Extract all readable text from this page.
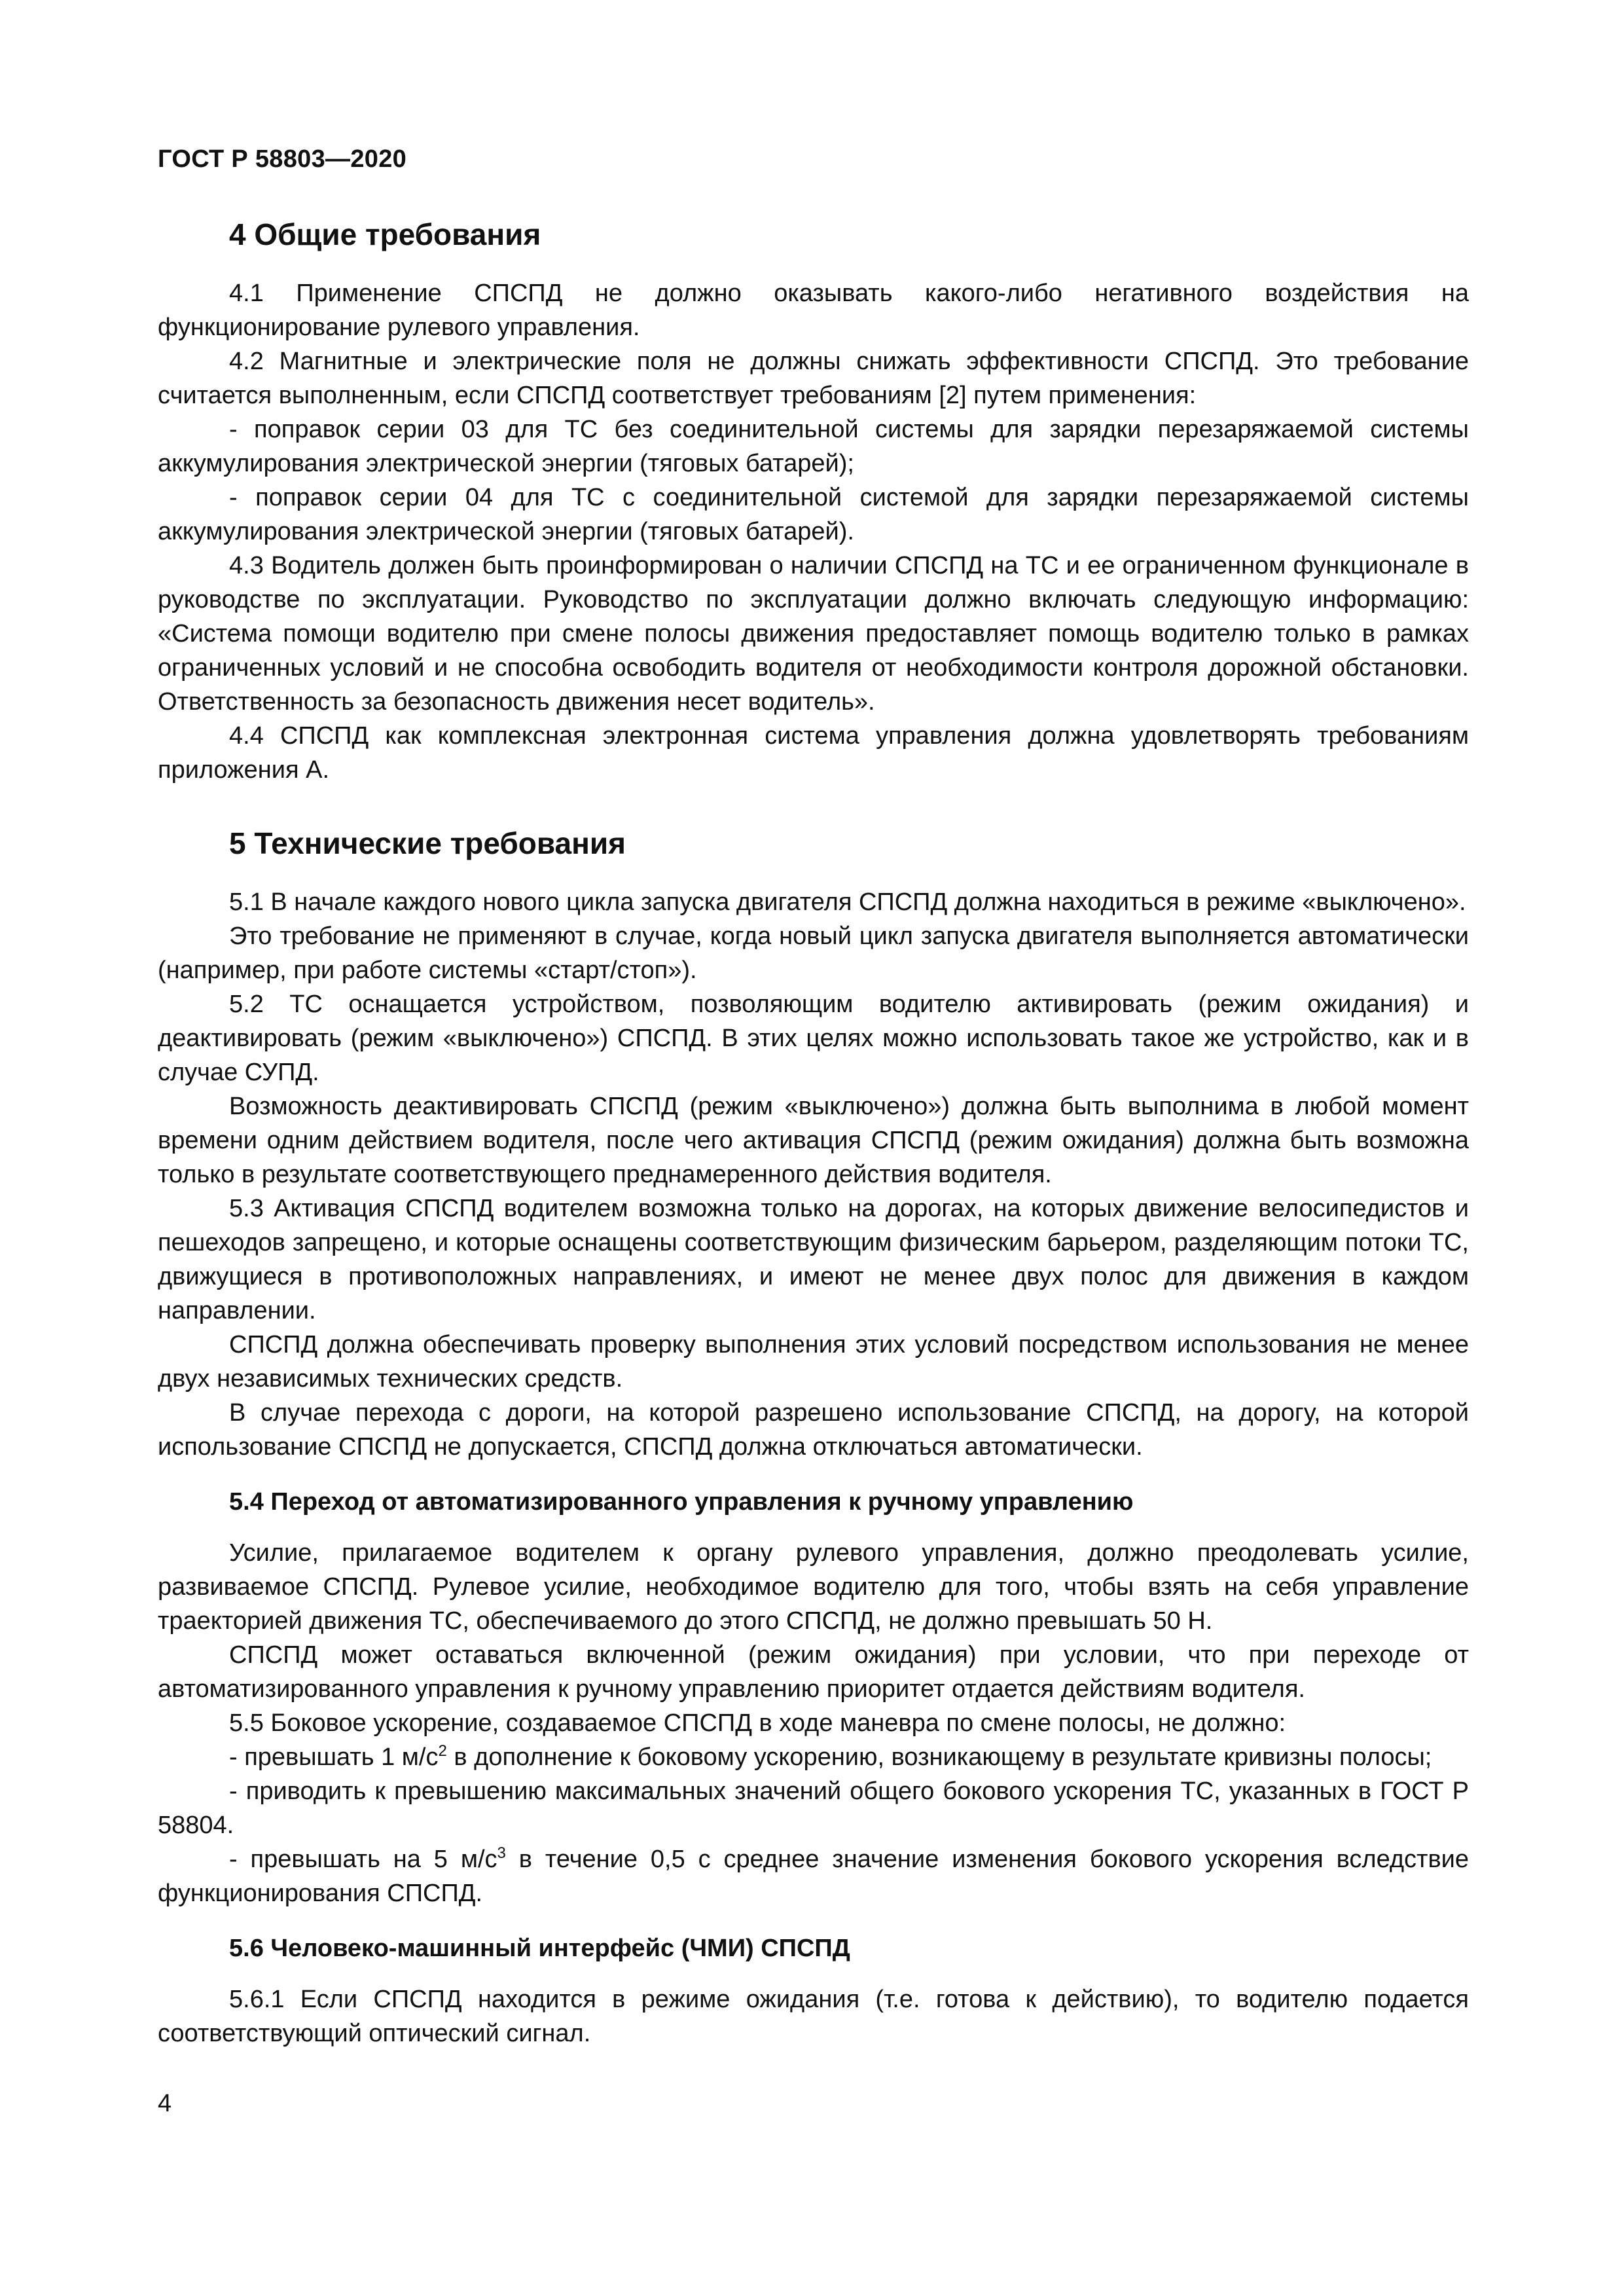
ГОСТ Р 58803—2020
4 Общие требования

4.1 Применение СПСПД не должно оказывать какого-либо негативного воздействия на функционирование рулевого управления.

4.2 Магнитные и электрические поля не должны снижать эффективности СПСПД. Это требование считается выполненным, если СПСПД соответствует требованиям [2] путем применения:

- поправок серии 03 для ТС без соединительной системы для зарядки перезаряжаемой системы аккумулирования электрической энергии (тяговых батарей);

- поправок серии 04 для ТС с соединительной системой для зарядки перезаряжаемой системы аккумулирования электрической энергии (тяговых батарей).

4.3 Водитель должен быть проинформирован о наличии СПСПД на ТС и ее ограниченном функционале в руководстве по эксплуатации. Руководство по эксплуатации должно включать следующую информацию: «Система помощи водителю при смене полосы движения предоставляет помощь водителю только в рамках ограниченных условий и не способна освободить водителя от необходимости контроля дорожной обстановки. Ответственность за безопасность движения несет водитель».

4.4 СПСПД как комплексная электронная система управления должна удовлетворять требованиям приложения А.

5 Технические требования

5.1 В начале каждого нового цикла запуска двигателя СПСПД должна находиться в режиме «выключено».

Это требование не применяют в случае, когда новый цикл запуска двигателя выполняется автоматически (например, при работе системы «старт/стоп»).

5.2 ТС оснащается устройством, позволяющим водителю активировать (режим ожидания) и деактивировать (режим «выключено») СПСПД. В этих целях можно использовать такое же устройство, как и в случае СУПД.

Возможность деактивировать СПСПД (режим «выключено») должна быть выполнима в любой момент времени одним действием водителя, после чего активация СПСПД (режим ожидания) должна быть возможна только в результате соответствующего преднамеренного действия водителя.

5.3 Активация СПСПД водителем возможна только на дорогах, на которых движение велосипедистов и пешеходов запрещено, и которые оснащены соответствующим физическим барьером, разделяющим потоки ТС, движущиеся в противоположных направлениях, и имеют не менее двух полос для движения в каждом направлении.

СПСПД должна обеспечивать проверку выполнения этих условий посредством использования не менее двух независимых технических средств.

В случае перехода с дороги, на которой разрешено использование СПСПД, на дорогу, на которой использование СПСПД не допускается, СПСПД должна отключаться автоматически.

5.4 Переход от автоматизированного управления к ручному управлению

Усилие, прилагаемое водителем к органу рулевого управления, должно преодолевать усилие, развиваемое СПСПД. Рулевое усилие, необходимое водителю для того, чтобы взять на себя управление траекторией движения ТС, обеспечиваемого до этого СПСПД, не должно превышать 50 Н.

СПСПД может оставаться включенной (режим ожидания) при условии, что при переходе от автоматизированного управления к ручному управлению приоритет отдается действиям водителя.

5.5 Боковое ускорение, создаваемое СПСПД в ходе маневра по смене полосы, не должно:

- превышать 1 $м/с^2$ в дополнение к боковому ускорению, возникающему в результате кривизны полосы;

- приводить к превышению максимальных значений общего бокового ускорения ТС, указанных в ГОСТ Р 58804.

- превышать на 5 $м/с^3$ в течение 0,5 с среднее значение изменения бокового ускорения вследствие функционирования СПСПД.

5.6 Человеко-машинный интерфейс (ЧМИ) СПСПД

5.6.1 Если СПСПД находится в режиме ожидания (т.е. готова к действию), то водителю подается соответствующий оптический сигнал.

4
